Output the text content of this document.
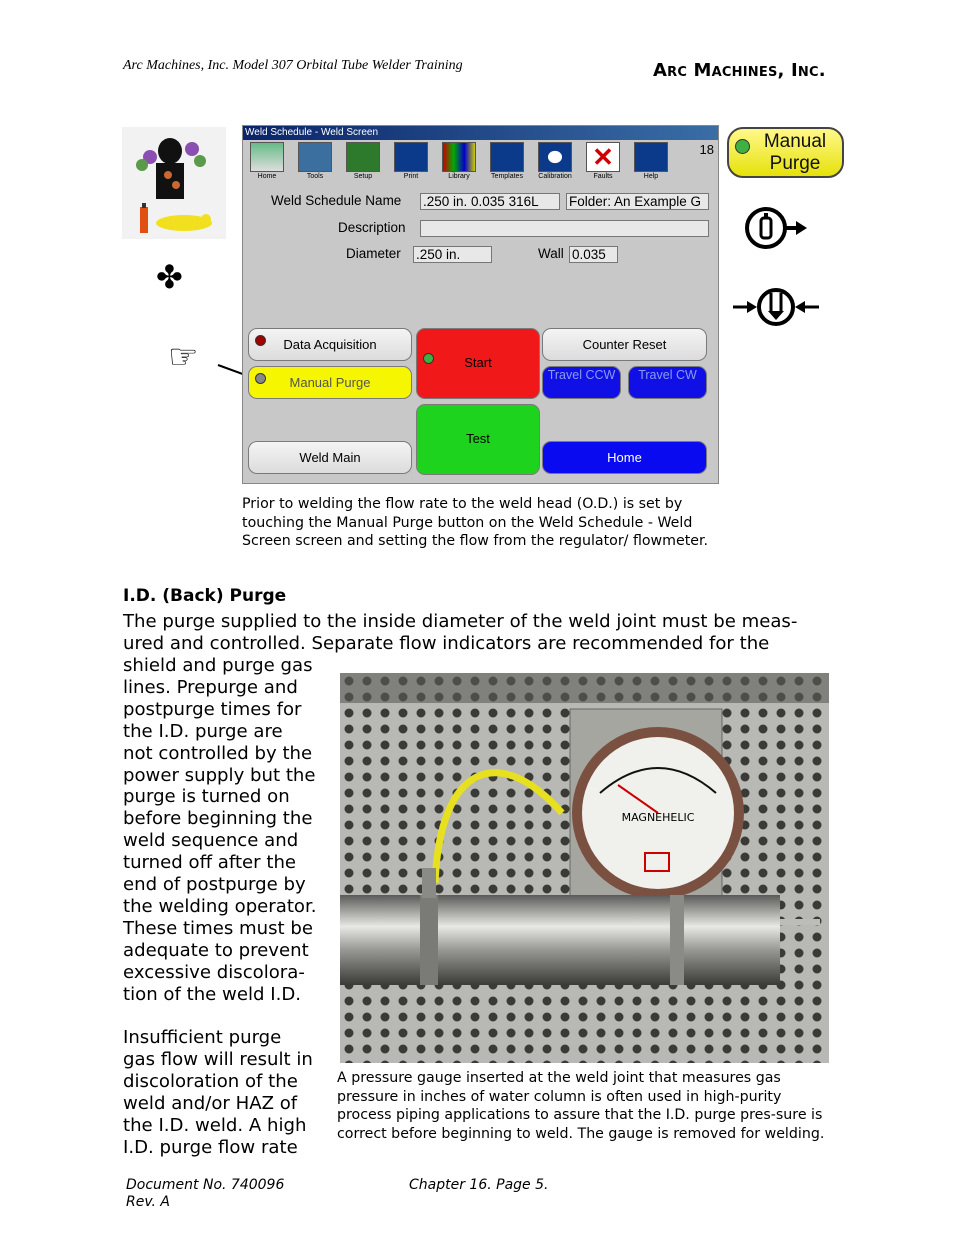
Arc Machines, Inc. Model 307 Orbital Tube Welder Training	Arc Machines, Inc.
✤
☞
Weld Schedule - Weld Screen
Home	Tools	Setup	Print	Library	Templates	Calibration
✕
Faults	Help
18
Weld Schedule Name .250 in. 0.035 316L	Folder: An Example G
Description
Diameter .250 in.	Wall 0.035
Data Acquisition
Manual Purge
Start
Counter Reset
Travel CCW	Travel CW
Test
Weld Main	Home
Manual Purge
Prior to welding the flow rate to the weld head (O.D.) is set by touching the Manual Purge button on the Weld Schedule - Weld Screen screen and setting the flow from the regulator/ flowmeter.
I.D. (Back) Purge
The purge supplied to the inside diameter of the weld joint must be meas-
ured and controlled. Separate flow indicators are recommended for the
shield and purge gas
lines. Prepurge and
postpurge times for
the I.D. purge are
not controlled by the
power supply but the
purge is turned on
before beginning the
weld sequence and
turned off after the
end of postpurge by
the welding operator.
These times must be
adequate to prevent
excessive discolora-
tion of the weld I.D.
Insufficient purge
gas flow will result in
discoloration of the
weld and/or HAZ of
the I.D. weld. A high
I.D. purge flow rate
MAGNEHELIC
A pressure gauge inserted at the weld joint that measures gas pressure in inches of water column is often used in high-purity process piping applications to assure that the I.D. purge pres-sure is correct before beginning to weld. The gauge is removed for welding.
Document No. 740096
Rev. A
Chapter 16. Page 5.
